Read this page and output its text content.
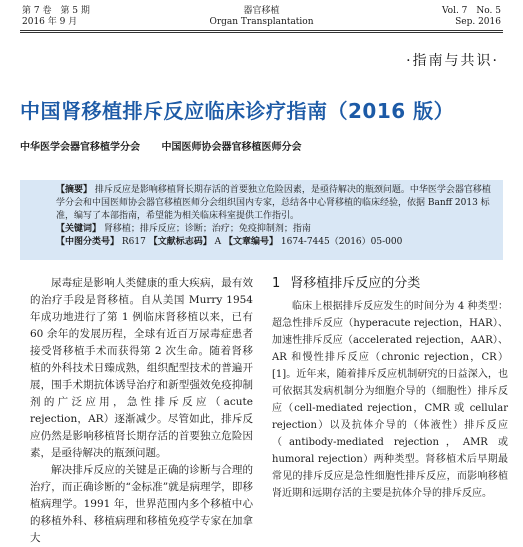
第 7 卷　第 5 期
2016 年 9 月
器官移植
Organ Transplantation
Vol. 7　No. 5
Sep. 2016
·指南与共识·
中国肾移植排斥反应临床诊疗指南（2016 版）
中华医学会器官移植学分会 中国医师协会器官移植医师分会

【摘要】 排斥反应是影响移植肾长期存活的首要独立危险因素，是亟待解决的瓶颈问题。中华医学会器官移植学分会和中国医师协会器官移植医师分会组织国内专家，总结各中心肾移植的临床经验，依据 Banff 2013 标准，编写了本部指南，希望能为相关临床科室提供工作指引。

【关键词】 肾移植；排斥反应；诊断；治疗；免疫抑制剂；指南

【中图分类号】 R617 【文献标志码】 A 【文章编号】 1674-7445（2016）05-000

尿毒症是影响人类健康的重大疾病，最有效的治疗手段是肾移植。自从美国 Murry 1954 年成功地进行了第 1 例临床肾移植以来，已有 60 余年的发展历程，全球有近百万尿毒症患者接受肾移植手术而获得第 2 次生命。随着肾移植的外科技术日臻成熟，组织配型技术的普遍开展，围手术期抗体诱导治疗和新型强效免疫抑制剂的广泛应用，急性排斥反应（acute rejection，AR）逐渐减少。尽管如此，排斥反应仍然是影响移植肾长期存活的首要独立危险因素，是亟待解决的瓶颈问题。

解决排斥反应的关键是正确的诊断与合理的治疗，而正确诊断的“金标准”就是病理学，即移植病理学。1991 年，世界范围内多个移植中心的移植外科、移植病理和移植免疫学专家在加拿大

1 肾移植排斥反应的分类

临床上根据排斥反应发生的时间分为 4 种类型：超急性排斥反应（hyperacute rejection，HAR）、加速性排斥反应（accelerated rejection，AAR）、AR 和慢性排斥反应（chronic rejection，CR）[1]。近年来，随着排斥反应机制研究的日益深入，也可依据其发病机制分为细胞介导的（细胞性）排斥反应（cell-mediated rejection，CMR 或 cellular rejection）以及抗体介导的（体液性）排斥反应（antibody-mediated rejection，AMR 或 humoral rejection）两种类型。肾移植术后早期最常见的排斥反应是急性细胞性排斥反应，而影响移植肾近期和远期存活的主要是抗体介导的排斥反应。
